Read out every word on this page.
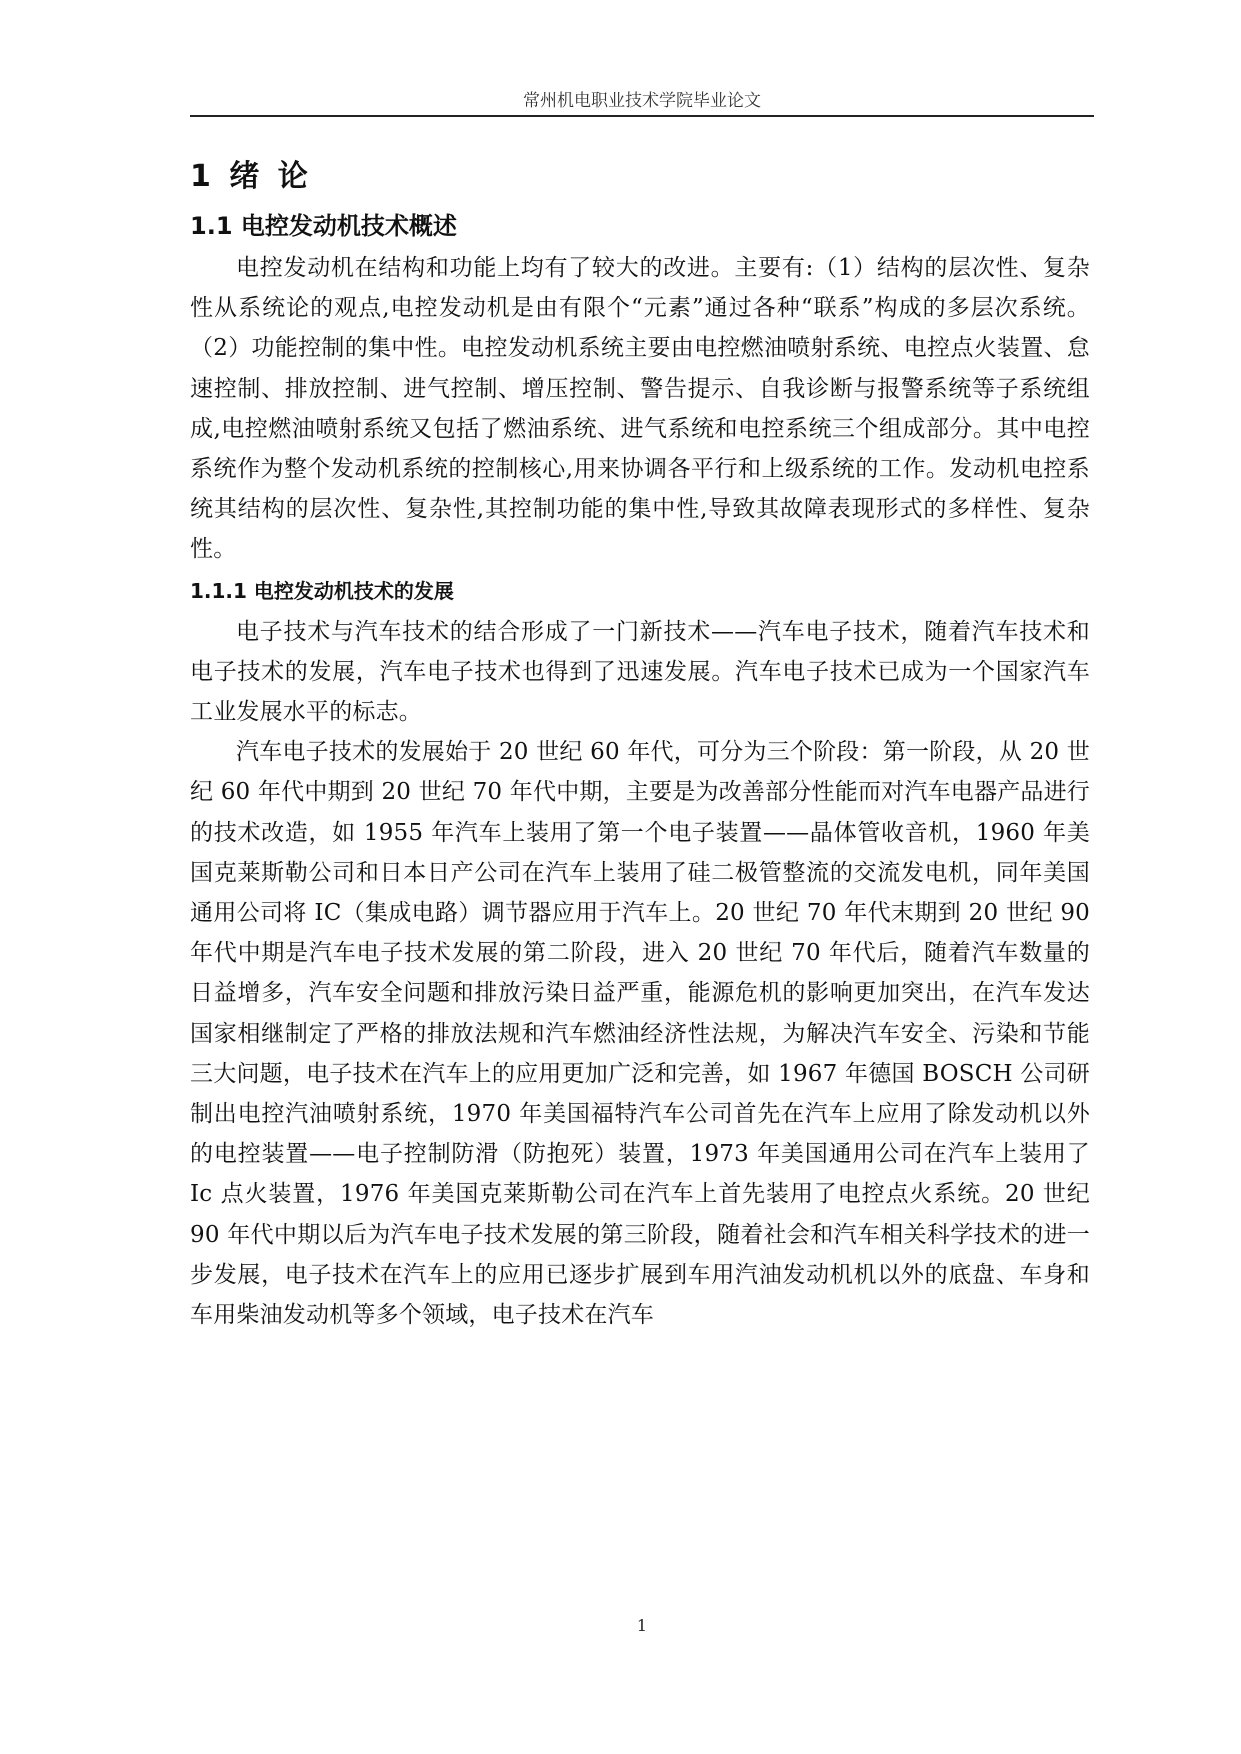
常州机电职业技术学院毕业论文
1 绪 论
1.1 电控发动机技术概述

电控发动机在结构和功能上均有了较大的改进。主要有:（1）结构的层次性、复杂性从系统论的观点,电控发动机是由有限个“元素”通过各种“联系”构成的多层次系统。（2）功能控制的集中性。电控发动机系统主要由电控燃油喷射系统、电控点火装置、怠速控制、排放控制、进气控制、增压控制、警告提示、自我诊断与报警系统等子系统组成,电控燃油喷射系统又包括了燃油系统、进气系统和电控系统三个组成部分。其中电控系统作为整个发动机系统的控制核心,用来协调各平行和上级系统的工作。发动机电控系统其结构的层次性、复杂性,其控制功能的集中性,导致其故障表现形式的多样性、复杂性。

1.1.1 电控发动机技术的发展

电子技术与汽车技术的结合形成了一门新技术——汽车电子技术，随着汽车技术和电子技术的发展，汽车电子技术也得到了迅速发展。汽车电子技术已成为一个国家汽车工业发展水平的标志。

汽车电子技术的发展始于 20 世纪 60 年代，可分为三个阶段：第一阶段，从 20 世纪 60 年代中期到 20 世纪 70 年代中期，主要是为改善部分性能而对汽车电器产品进行的技术改造，如 1955 年汽车上装用了第一个电子装置——晶体管收音机，1960 年美国克莱斯勒公司和日本日产公司在汽车上装用了硅二极管整流的交流发电机，同年美国通用公司将 IC（集成电路）调节器应用于汽车上。20 世纪 70 年代末期到 20 世纪 90 年代中期是汽车电子技术发展的第二阶段，进入 20 世纪 70 年代后，随着汽车数量的日益增多，汽车安全问题和排放污染日益严重，能源危机的影响更加突出，在汽车发达国家相继制定了严格的排放法规和汽车燃油经济性法规，为解决汽车安全、污染和节能三大问题，电子技术在汽车上的应用更加广泛和完善，如 1967 年德国 BOSCH 公司研制出电控汽油喷射系统，1970 年美国福特汽车公司首先在汽车上应用了除发动机以外的电控装置——电子控制防滑（防抱死）装置，1973 年美国通用公司在汽车上装用了 Ic 点火装置，1976 年美国克莱斯勒公司在汽车上首先装用了电控点火系统。20 世纪 90 年代中期以后为汽车电子技术发展的第三阶段，随着社会和汽车相关科学技术的进一步发展，电子技术在汽车上的应用已逐步扩展到车用汽油发动机机以外的底盘、车身和车用柴油发动机等多个领域，电子技术在汽车

1
